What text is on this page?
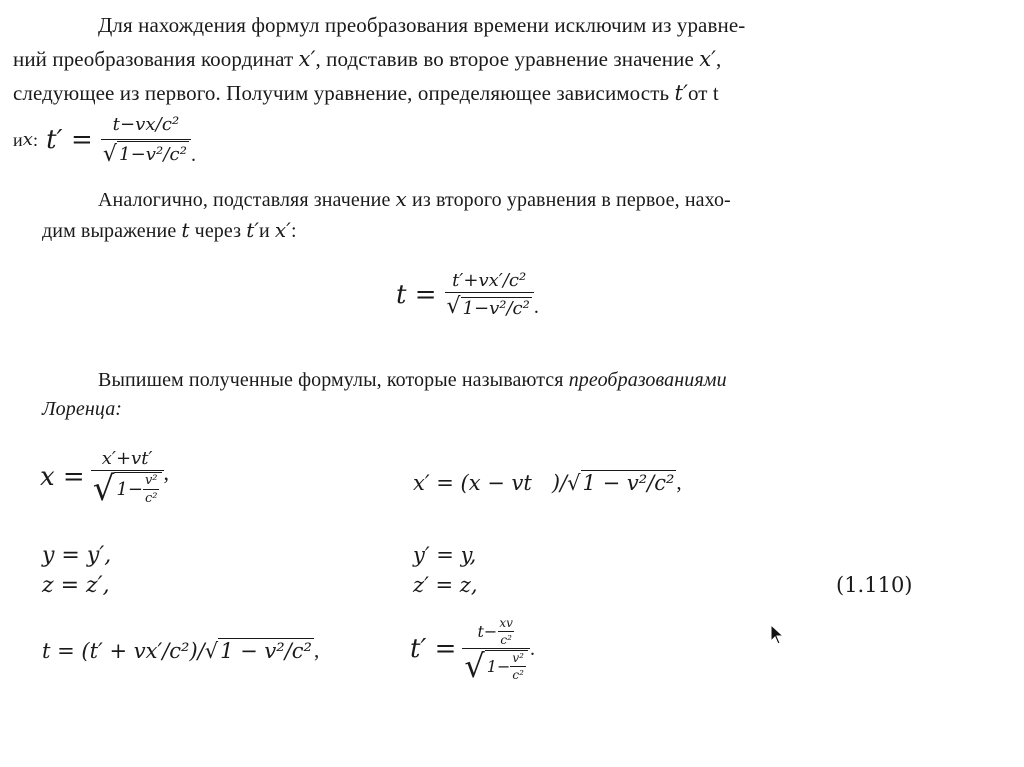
Для нахождения формул преобразования времени исключим из уравне-
ний преобразования координат x′, подставив во второе уравнение значение x′,
следующее из первого. Получим уравнение, определяющее зависимость t′от t
и x : $t' = \frac{\text{t−vx/c²}}{\text{√ 1−v²/c²}}$ .
Аналогично, подставляя значение x из второго уравнения в первое, нахо-
дим выражение t через t′и x′:
$t = \frac{\text{t′+vx′/c²}}{\text{√ 1−v²/c²}}$ .
Выпишем полученные формулы, которые называются преобразованиями
Лоренца:
$x = \frac{x'+vt'}{√ 1- \frac{\text{v²}}{\text{c²}}}$ ,	x′ = (x − vt   )/ √ 1 − v²/c² ,
y = y′,	y′ = y,
z = z′,	z′ = z,	(1.110)
t = (t′ + vx′/c²)/ √ 1 − v²/c² ,	$t' = \frac{t- \frac{xv}{\text{c²}}}{√ 1- \frac{\text{v²}}{\text{c²}}}$ .
